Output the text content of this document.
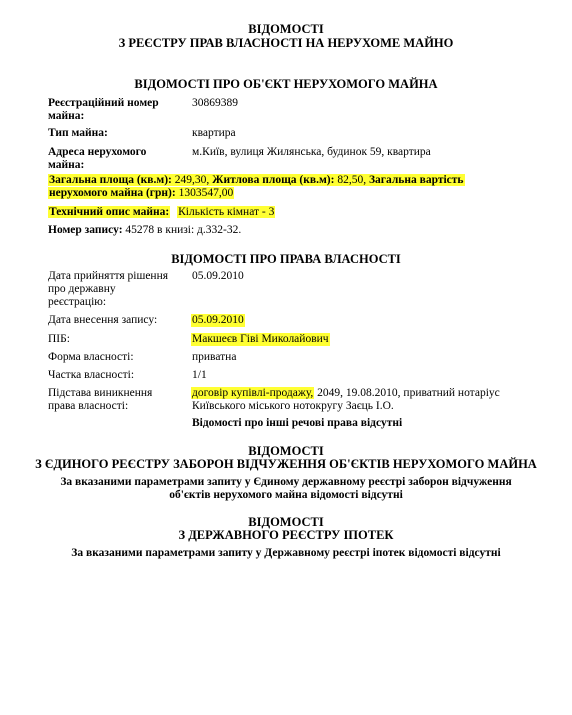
ВІДОМОСТІ
З РЕЄСТРУ ПРАВ ВЛАСНОСТІ НА НЕРУХОМЕ МАЙНО
ВІДОМОСТІ ПРО ОБ'ЄКТ НЕРУХОМОГО МАЙНА
Реєстраційний номер майна:
30869389
Тип майна:	квартира
Адреса нерухомого майна:
м.Київ, вулиця Жилянська, будинок 59, квартира
Загальна площа (кв.м): 249,30, Житлова площа (кв.м): 82,50, Загальна вартість
нерухомого майна (грн): 1303547,00
Технічний опис майна: Кількість кімнат - 3
Номер запису: 45278 в книзі: д.332-32.
ВІДОМОСТІ ПРО ПРАВА ВЛАСНОСТІ
Дата прийняття рішення про державну реєстрацію:
05.09.2010
Дата внесення запису:	05.09.2010
ПІБ:	Макшеєв Гіві Миколайович
Форма власності:	приватна
Частка власності:	1/1
Підстава виникнення права власності:
договір купівлі-продажу, 2049, 19.08.2010, приватний нотаріус
Київського міського нотокругу Заєць І.О.
Відомості про інші речові права відсутні
ВІДОМОСТІ
З ЄДИНОГО РЕЄСТРУ ЗАБОРОН ВІДЧУЖЕННЯ ОБ'ЄКТІВ НЕРУХОМОГО МАЙНА
За вказаними параметрами запиту у Єдиному державному реєстрі заборон відчуження
об'єктів нерухомого майна відомості відсутні
ВІДОМОСТІ
З ДЕРЖАВНОГО РЕЄСТРУ ІПОТЕК
За вказаними параметрами запиту у Державному реєстрі іпотек відомості відсутні
